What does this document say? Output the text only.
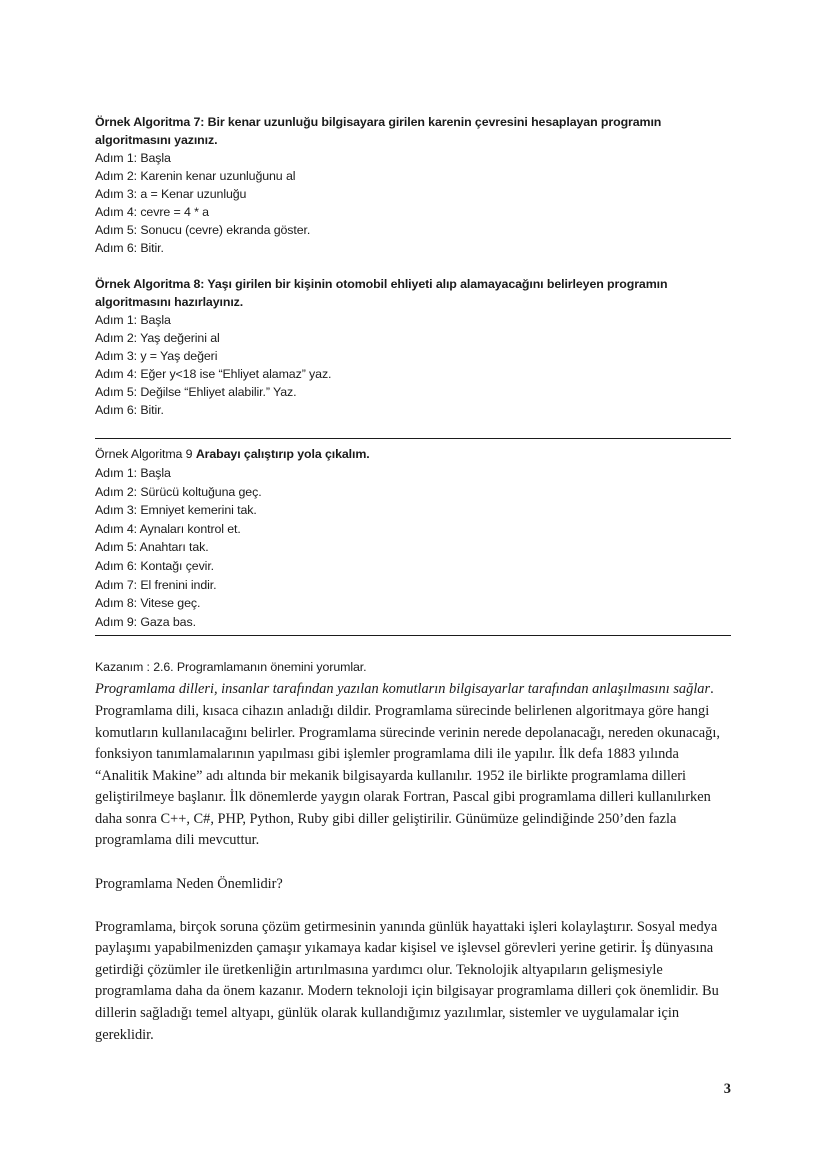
Örnek Algoritma 7: Bir kenar uzunluğu bilgisayara girilen karenin çevresini hesaplayan programın algoritmasını yazınız.

Adım 1: Başla

Adım 2: Karenin kenar uzunluğunu al

Adım 3: a = Kenar uzunluğu

Adım 4: cevre = 4 * a

Adım 5: Sonucu (cevre) ekranda göster.

Adım 6: Bitir.

Örnek Algoritma 8: Yaşı girilen bir kişinin otomobil ehliyeti alıp alamayacağını belirleyen programın algoritmasını hazırlayınız.

Adım 1: Başla

Adım 2: Yaş değerini al

Adım 3: y = Yaş değeri

Adım 4: Eğer y<18 ise “Ehliyet alamaz” yaz.

Adım 5: Değilse “Ehliyet alabilir.” Yaz.

Adım 6: Bitir.

Örnek Algoritma 9 Arabayı çalıştırıp yola çıkalım.

Adım 1: Başla

Adım 2: Sürücü koltuğuna geç.

Adım 3: Emniyet kemerini tak.

Adım 4: Aynaları kontrol et.

Adım 5: Anahtarı tak.

Adım 6: Kontağı çevir.

Adım 7: El frenini indir.

Adım 8: Vitese geç.

Adım 9: Gaza bas.

Kazanım : 2.6. Programlamanın önemini yorumlar.

Programlama dilleri, insanlar tarafından yazılan komutların bilgisayarlar tarafından anlaşılmasını sağlar. Programlama dili, kısaca cihazın anladığı dildir. Programlama sürecinde belirlenen algoritmaya göre hangi komutların kullanılacağını belirler. Programlama sürecinde verinin nerede depolanacağı, nereden okunacağı, fonksiyon tanımlamalarının yapılması gibi işlemler programlama dili ile yapılır. İlk defa 1883 yılında “Analitik Makine” adı altında bir mekanik bilgisayarda kullanılır. 1952 ile birlikte programlama dilleri geliştirilmeye başlanır. İlk dönemlerde yaygın olarak Fortran, Pascal gibi programlama dilleri kullanılırken daha sonra C++, C#, PHP, Python, Ruby gibi diller geliştirilir. Günümüze gelindiğinde 250’den fazla programlama dili mevcuttur.

Programlama Neden Önemlidir?

Programlama, birçok soruna çözüm getirmesinin yanında günlük hayattaki işleri kolaylaştırır. Sosyal medya paylaşımı yapabilmenizden çamaşır yıkamaya kadar kişisel ve işlevsel görevleri yerine getirir. İş dünyasına getirdiği çözümler ile üretkenliğin artırılmasına yardımcı olur. Teknolojik altyapıların gelişmesiyle programlama daha da önem kazanır. Modern teknoloji için bilgisayar programlama dilleri çok önemlidir. Bu dillerin sağladığı temel altyapı, günlük olarak kullandığımız yazılımlar, sistemler ve uygulamalar için gereklidir.

3
